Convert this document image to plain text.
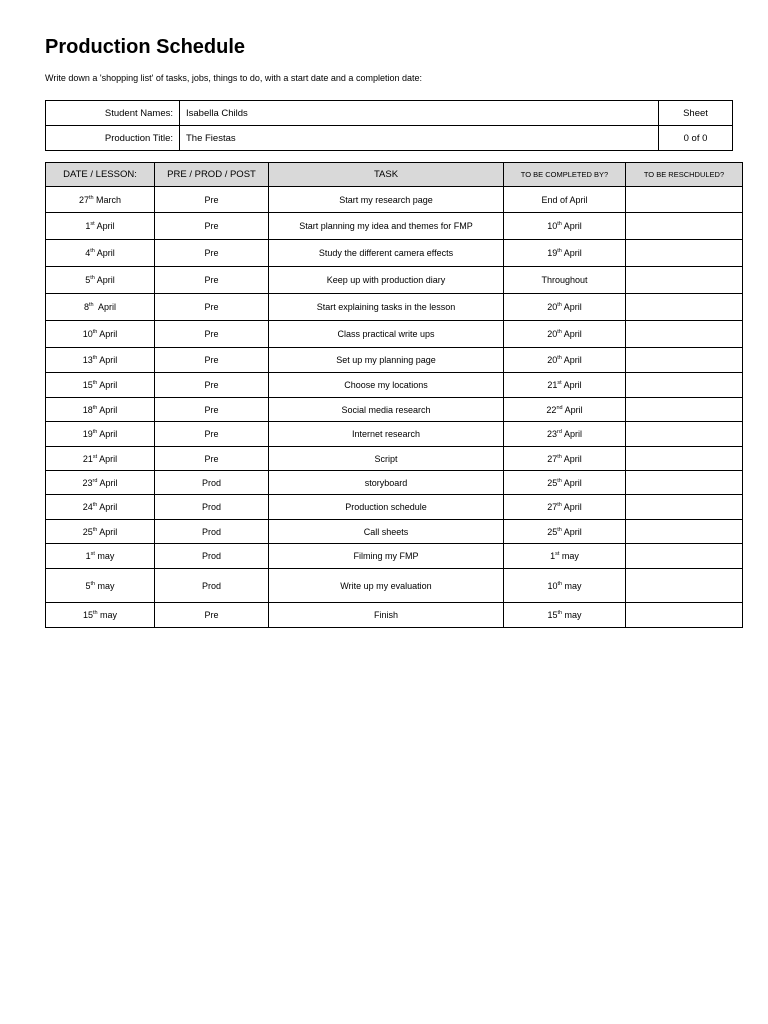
Production Schedule
Write down a 'shopping list' of tasks, jobs, things to do, with a start date and a completion date:
Student Names:	Isabella Childs	Sheet
Production Title:	The Fiestas	0 of 0
DATE / LESSON:	PRE / PROD / POST	TASK	TO BE COMPLETED BY?	TO BE RESCHDULED?
27th March	Pre	Start my research page	End of April	
1st April	Pre	Start planning my idea and themes for FMP	10th April	
4th April	Pre	Study the different camera effects	19th April	
5th April	Pre	Keep up with production diary	Throughout	
8th  April	Pre	Start explaining tasks in the lesson	20th April	
10th April	Pre	Class practical write ups	20th April	
13th April	Pre	Set up my planning page	20th April	
15th April	Pre	Choose my locations	21st April	
18th April	Pre	Social media research	22nd April	
19th April	Pre	Internet research	23rd April	
21st April	Pre	Script	27th April	
23rd April	Prod	storyboard	25th April	
24th April	Prod	Production schedule	27th April	
25th April	Prod	Call sheets	25th April	
1st may	Prod	Filming my FMP	1st may	
5th may	Prod	Write up my evaluation	10th may	
15th may	Pre	Finish	15th may	
